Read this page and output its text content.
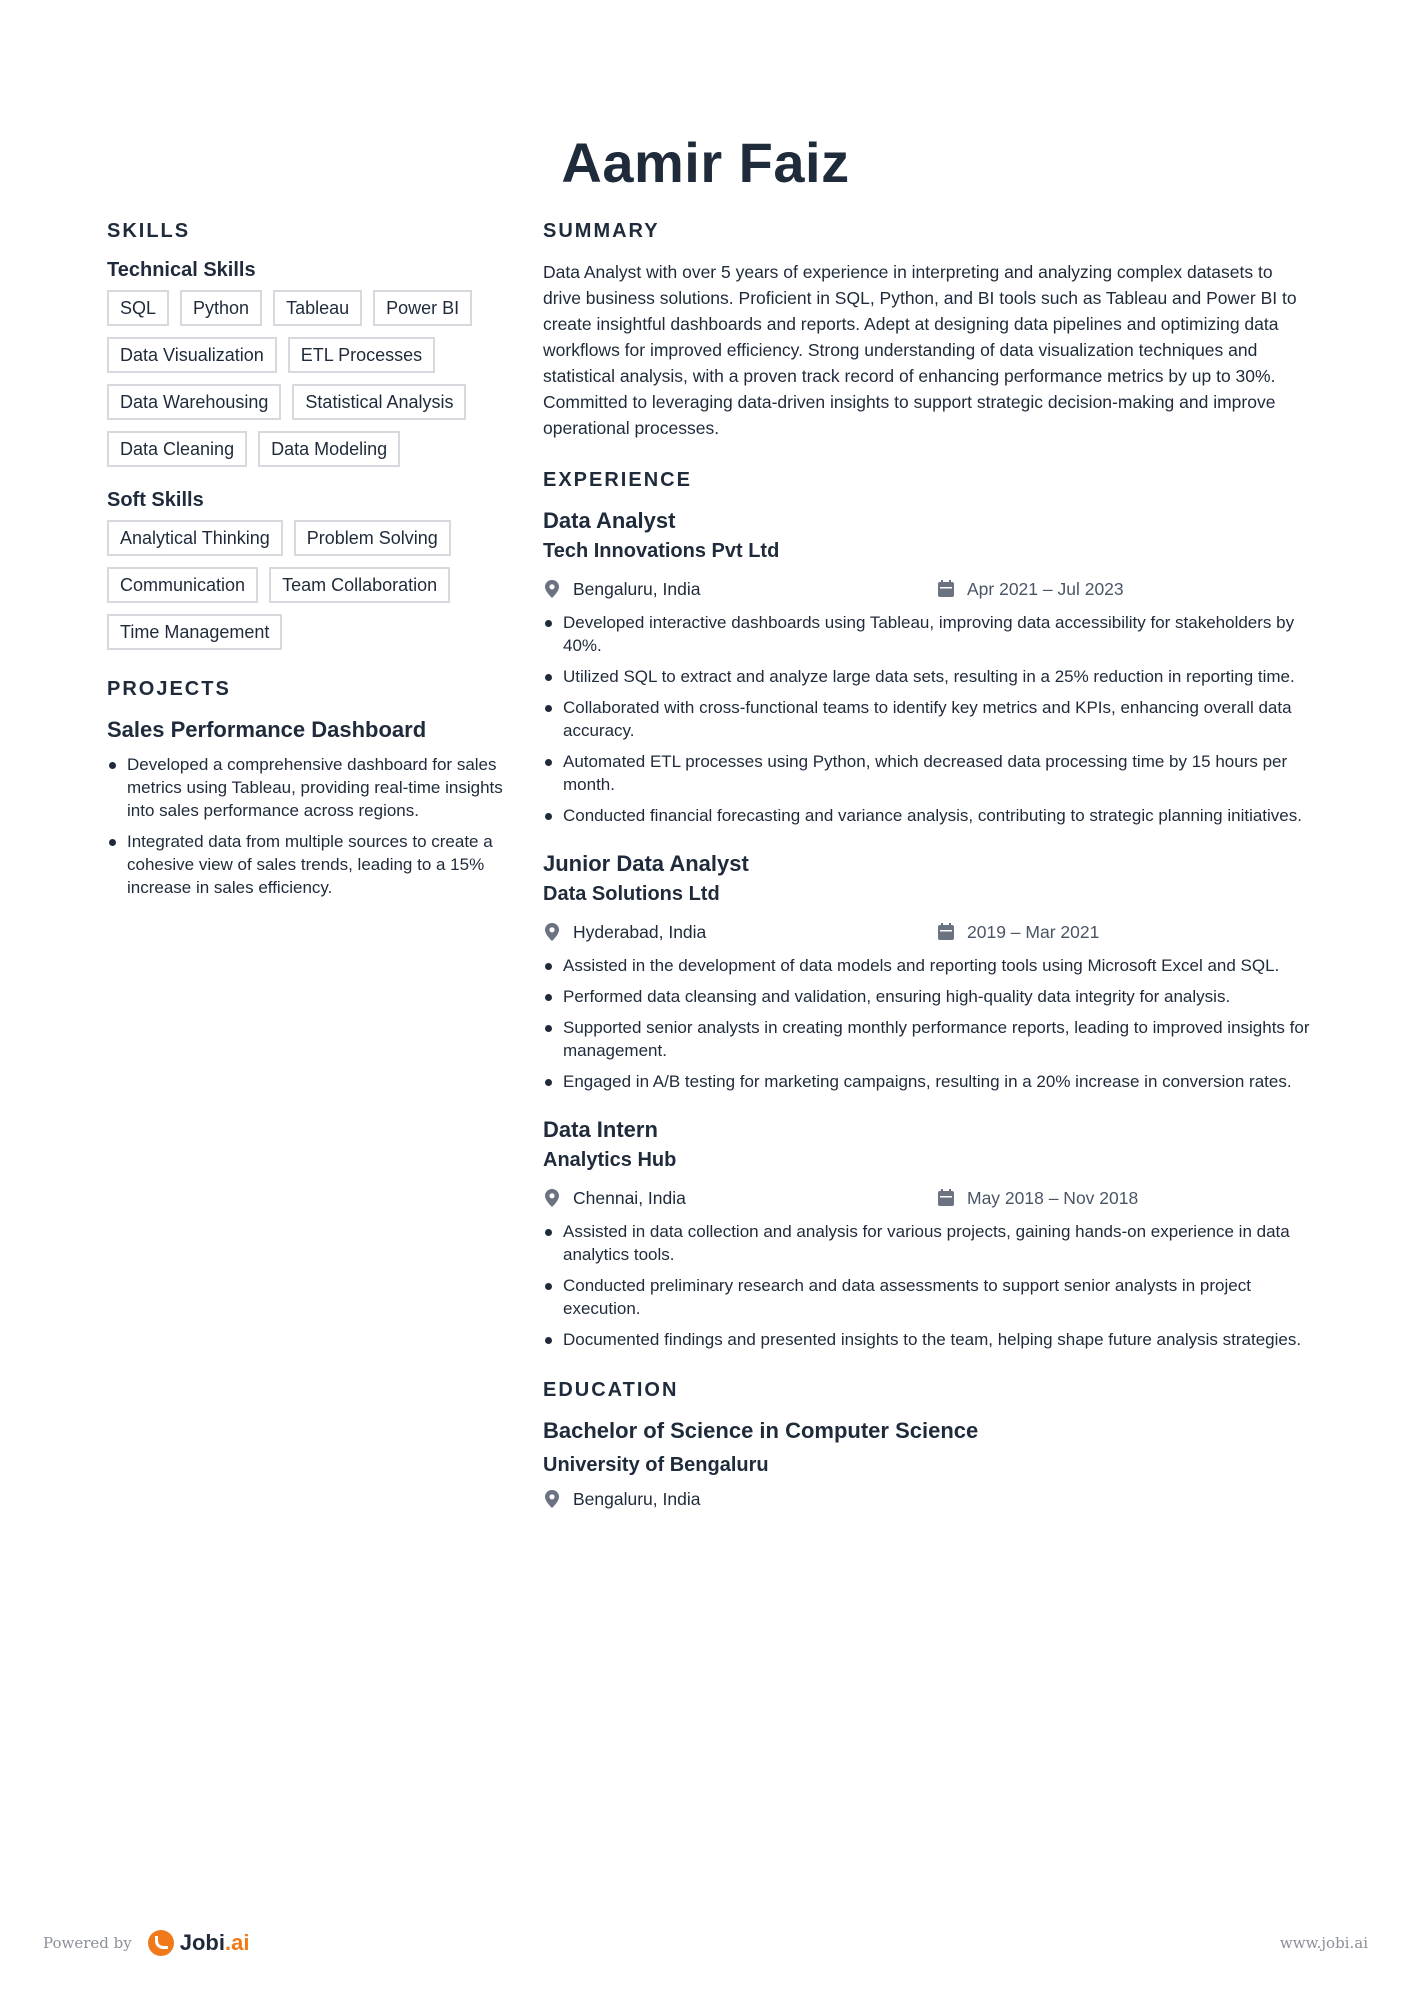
Aamir Faiz
SKILLS
Technical Skills
SQL	Python	Tableau	Power BI
Data Visualization	ETL Processes
Data Warehousing	Statistical Analysis
Data Cleaning	Data Modeling
Soft Skills
Analytical Thinking	Problem Solving
Communication	Team Collaboration
Time Management
PROJECTS
Sales Performance Dashboard
Developed a comprehensive dashboard for sales metrics using Tableau, providing real-time insights into sales performance across regions.
Integrated data from multiple sources to create a cohesive view of sales trends, leading to a 15% increase in sales efficiency.
SUMMARY

Data Analyst with over 5 years of experience in interpreting and analyzing complex datasets to drive business solutions. Proficient in SQL, Python, and BI tools such as Tableau and Power BI to create insightful dashboards and reports. Adept at designing data pipelines and optimizing data workflows for improved efficiency. Strong understanding of data visualization techniques and statistical analysis, with a proven track record of enhancing performance metrics by up to 30%. Committed to leveraging data-driven insights to support strategic decision-making and improve operational processes.

EXPERIENCE
Data Analyst
Tech Innovations Pvt Ltd
Bengaluru, India	Apr 2021 – Jul 2023
Developed interactive dashboards using Tableau, improving data accessibility for stakeholders by 40%.
Utilized SQL to extract and analyze large data sets, resulting in a 25% reduction in reporting time.
Collaborated with cross-functional teams to identify key metrics and KPIs, enhancing overall data accuracy.
Automated ETL processes using Python, which decreased data processing time by 15 hours per month.
Conducted financial forecasting and variance analysis, contributing to strategic planning initiatives.
Junior Data Analyst
Data Solutions Ltd
Hyderabad, India	2019 – Mar 2021
Assisted in the development of data models and reporting tools using Microsoft Excel and SQL.
Performed data cleansing and validation, ensuring high-quality data integrity for analysis.
Supported senior analysts in creating monthly performance reports, leading to improved insights for management.
Engaged in A/B testing for marketing campaigns, resulting in a 20% increase in conversion rates.
Data Intern
Analytics Hub
Chennai, India	May 2018 – Nov 2018
Assisted in data collection and analysis for various projects, gaining hands-on experience in data analytics tools.
Conducted preliminary research and data assessments to support senior analysts in project execution.
Documented findings and presented insights to the team, helping shape future analysis strategies.
EDUCATION
Bachelor of Science in Computer Science
University of Bengaluru
Bengaluru, India
Powered by Jobi.ai	www.jobi.ai
